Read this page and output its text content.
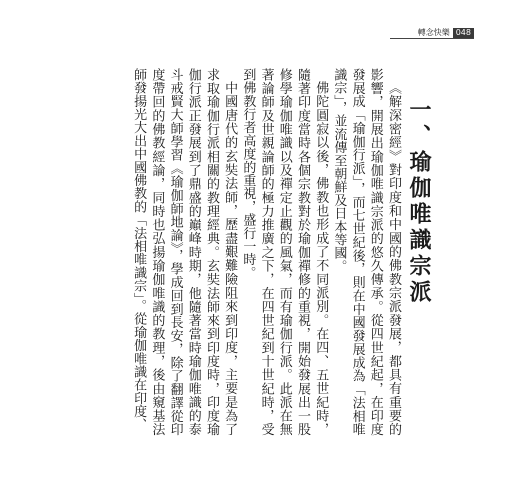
轉念快樂 048
一、瑜伽唯識宗派

《解深密經》對印度和中國的佛教宗派發展，都具有重要的影響，開展出瑜伽唯識宗派的悠久傳承。從四世紀起，在印度發展成「瑜伽行派」，而七世紀後，則在中國發展成為「法相唯識宗」，並流傳至朝鮮及日本等國。

佛陀圓寂以後，佛教也形成了不同派別。在四、五世紀時，隨著印度當時各個宗教對於瑜伽禪修的重視，開始發展出一股修學瑜伽唯識以及禪定止觀的風氣，而有瑜伽行派。此派在無著論師及世親論師的極力推廣之下，在四世紀到十世紀時，受到佛教行者高度的重視，盛行一時。

中國唐代的玄奘法師，歷盡艱難險阻來到印度，主要是為了求取瑜伽行派相關的教理經典。玄奘法師來到印度時，印度瑜伽行派正發展到了鼎盛的巔峰時期，他隨著當時瑜伽唯識的泰斗戒賢大師學習《瑜伽師地論》，學成回到長安，除了翻譯從印度帶回的佛教經論，同時也弘揚瑜伽唯識的教理，後由窺基法師發揚光大出中國佛教的「法相唯識宗」。從瑜伽唯識在印度、
